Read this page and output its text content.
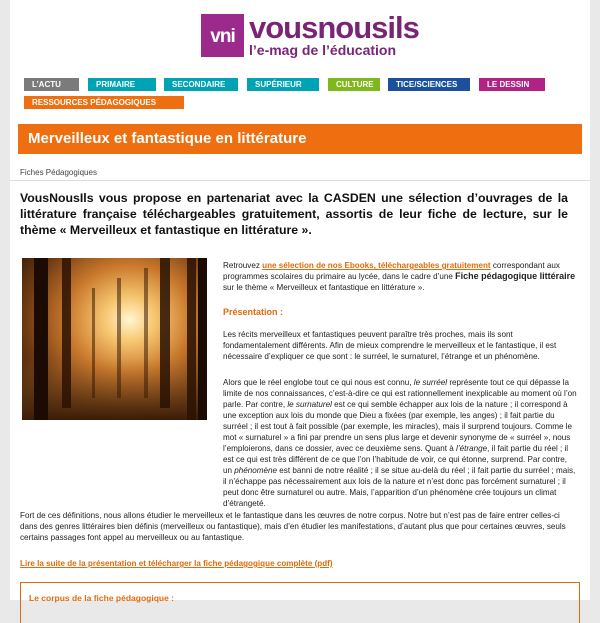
vni vousnousils
l’e-mag de l’éducation
L’ACTU	PRIMAIRE	SECONDAIRE	SUPÉRIEUR	CULTURE	TICE/SCIENCES	LE DESSIN
RESSOURCES PÉDAGOGIQUES
Merveilleux et fantastique en littérature
Fiches Pédagogiques
VousNousIls vous propose en partenariat avec la CASDEN une sélection d’ouvrages de la littérature française téléchargeables gratuitement, assortis de leur fiche de lecture, sur le thème « Merveilleux et fantastique en littérature ».
Retrouvez une sélection de nos Ebooks, téléchargeables gratuitement correspondant aux programmes scolaires du primaire au lycée, dans le cadre d’une Fiche pédagogique littéraire sur le thème « Merveilleux et fantastique en littérature ».
Présentation :
Les récits merveilleux et fantastiques peuvent paraître très proches, mais ils sont fondamentalement différents. Afin de mieux comprendre le merveilleux et le fantastique, il est nécessaire d’expliquer ce que sont : le surréel, le surnaturel, l’étrange et un phénomène.
Alors que le réel englobe tout ce qui nous est connu, le surréel représente tout ce qui dépasse la limite de nos connaissances, c’est-à-dire ce qui est rationnellement inexplicable au moment où l’on parle. Par contre, le surnaturel est ce qui semble échapper aux lois de la nature ; il correspond à une exception aux lois du monde que Dieu a fixées (par exemple, les anges) ; il fait partie du surréel ; il est tout à fait possible (par exemple, les miracles), mais il surprend toujours. Comme le mot « surnaturel » a fini par prendre un sens plus large et devenir synonyme de « surréel », nous l’emploierons, dans ce dossier, avec ce deuxième sens. Quant à l’étrange, il fait partie du réel ; il est ce qui est très différent de ce que l’on l’habitude de voir, ce qui étonne, surprend. Par contre, un phénomène est banni de notre réalité ; il se situe au-delà du réel ; il fait partie du surréel ; mais, il n’échappe pas nécessairement aux lois de la nature et n’est donc pas forcément surnaturel ; il peut donc être surnaturel ou autre. Mais, l’apparition d’un phénomène crée toujours un climat d’étrangeté.
Fort de ces définitions, nous allons étudier le merveilleux et le fantastique dans les œuvres de notre corpus. Notre but n’est pas de faire entrer celles-ci dans des genres littéraires bien définis (merveilleux ou fantastique), mais d’en étudier les manifestations, d’autant plus que pour certaines œuvres, seuls certains passages font appel au merveilleux ou au fantastique.
Lire la suite de la présentation et télécharger la fiche pédagogique complète (pdf)
Le corpus de la fiche pédagogique :
